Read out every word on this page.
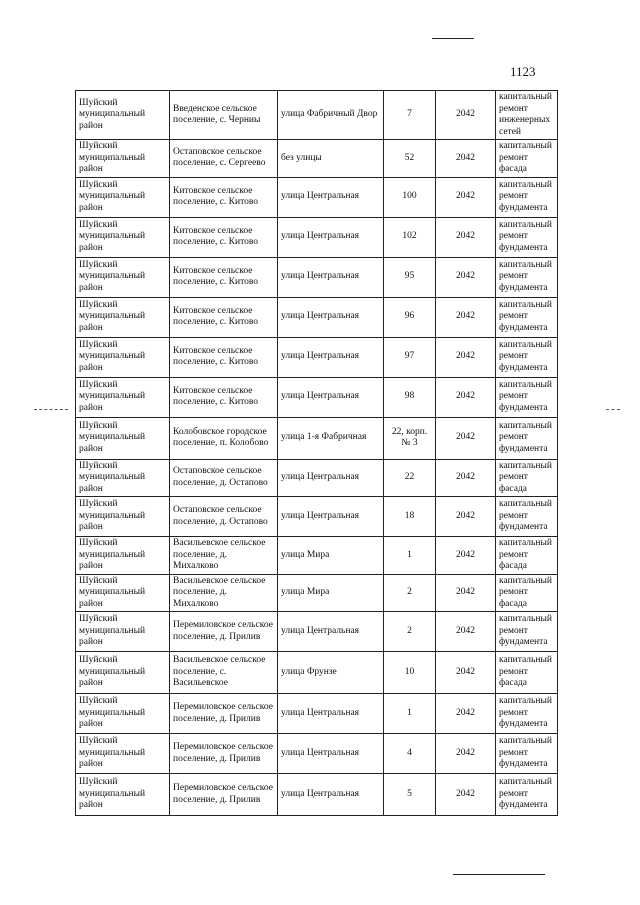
1123
Шуйский муниципальный район	Введенское сельское поселение, с. Черниы	улица Фабричный Двор	7	2042	капитальный ремонт инженерных сетей
Шуйский муниципальный район	Остаповское сельское поселение, с. Сергеево	без улицы	52	2042	капитальный ремонт фасада
Шуйский муниципальный район	Китовское сельское поселение, с. Китово	улица Центральная	100	2042	капитальный ремонт фундамента
Шуйский муниципальный район	Китовское сельское поселение, с. Китово	улица Центральная	102	2042	капитальный ремонт фундамента
Шуйский муниципальный район	Китовское сельское поселение, с. Китово	улица Центральная	95	2042	капитальный ремонт фундамента
Шуйский муниципальный район	Китовское сельское поселение, с. Китово	улица Центральная	96	2042	капитальный ремонт фундамента
Шуйский муниципальный район	Китовское сельское поселение, с. Китово	улица Центральная	97	2042	капитальный ремонт фундамента
Шуйский муниципальный район	Китовское сельское поселение, с. Китово	улица Центральная	98	2042	капитальный ремонт фундамента
Шуйский муниципальный район	Колобовское городское поселение, п. Колобово	улица 1-я Фабричная	22, корп. № 3	2042	капитальный ремонт фундамента
Шуйский муниципальный район	Остаповское сельское поселение, д. Остапово	улица Центральная	22	2042	капитальный ремонт фасада
Шуйский муниципальный район	Остаповское сельское поселение, д. Остапово	улица Центральная	18	2042	капитальный ремонт фундамента
Шуйский муниципальный район	Васильевское сельское поселение, д. Михалково	улица Мира	1	2042	капитальный ремонт фасада
Шуйский муниципальный район	Васильевское сельское поселение, д. Михалково	улица Мира	2	2042	капитальный ремонт фасада
Шуйский муниципальный район	Перемиловское сельское поселение, д. Прилив	улица Центральная	2	2042	капитальный ремонт фундамента
Шуйский муниципальный район	Васильевское сельское поселение, с. Васильевское	улица Фрунзе	10	2042	капитальный ремонт фасада
Шуйский муниципальный район	Перемиловское сельское поселение, д. Прилив	улица Центральная	1	2042	капитальный ремонт фундамента
Шуйский муниципальный район	Перемиловское сельское поселение, д. Прилив	улица Центральная	4	2042	капитальный ремонт фундамента
Шуйский муниципальный район	Перемиловское сельское поселение, д. Прилив	улица Центральная	5	2042	капитальный ремонт фундамента
